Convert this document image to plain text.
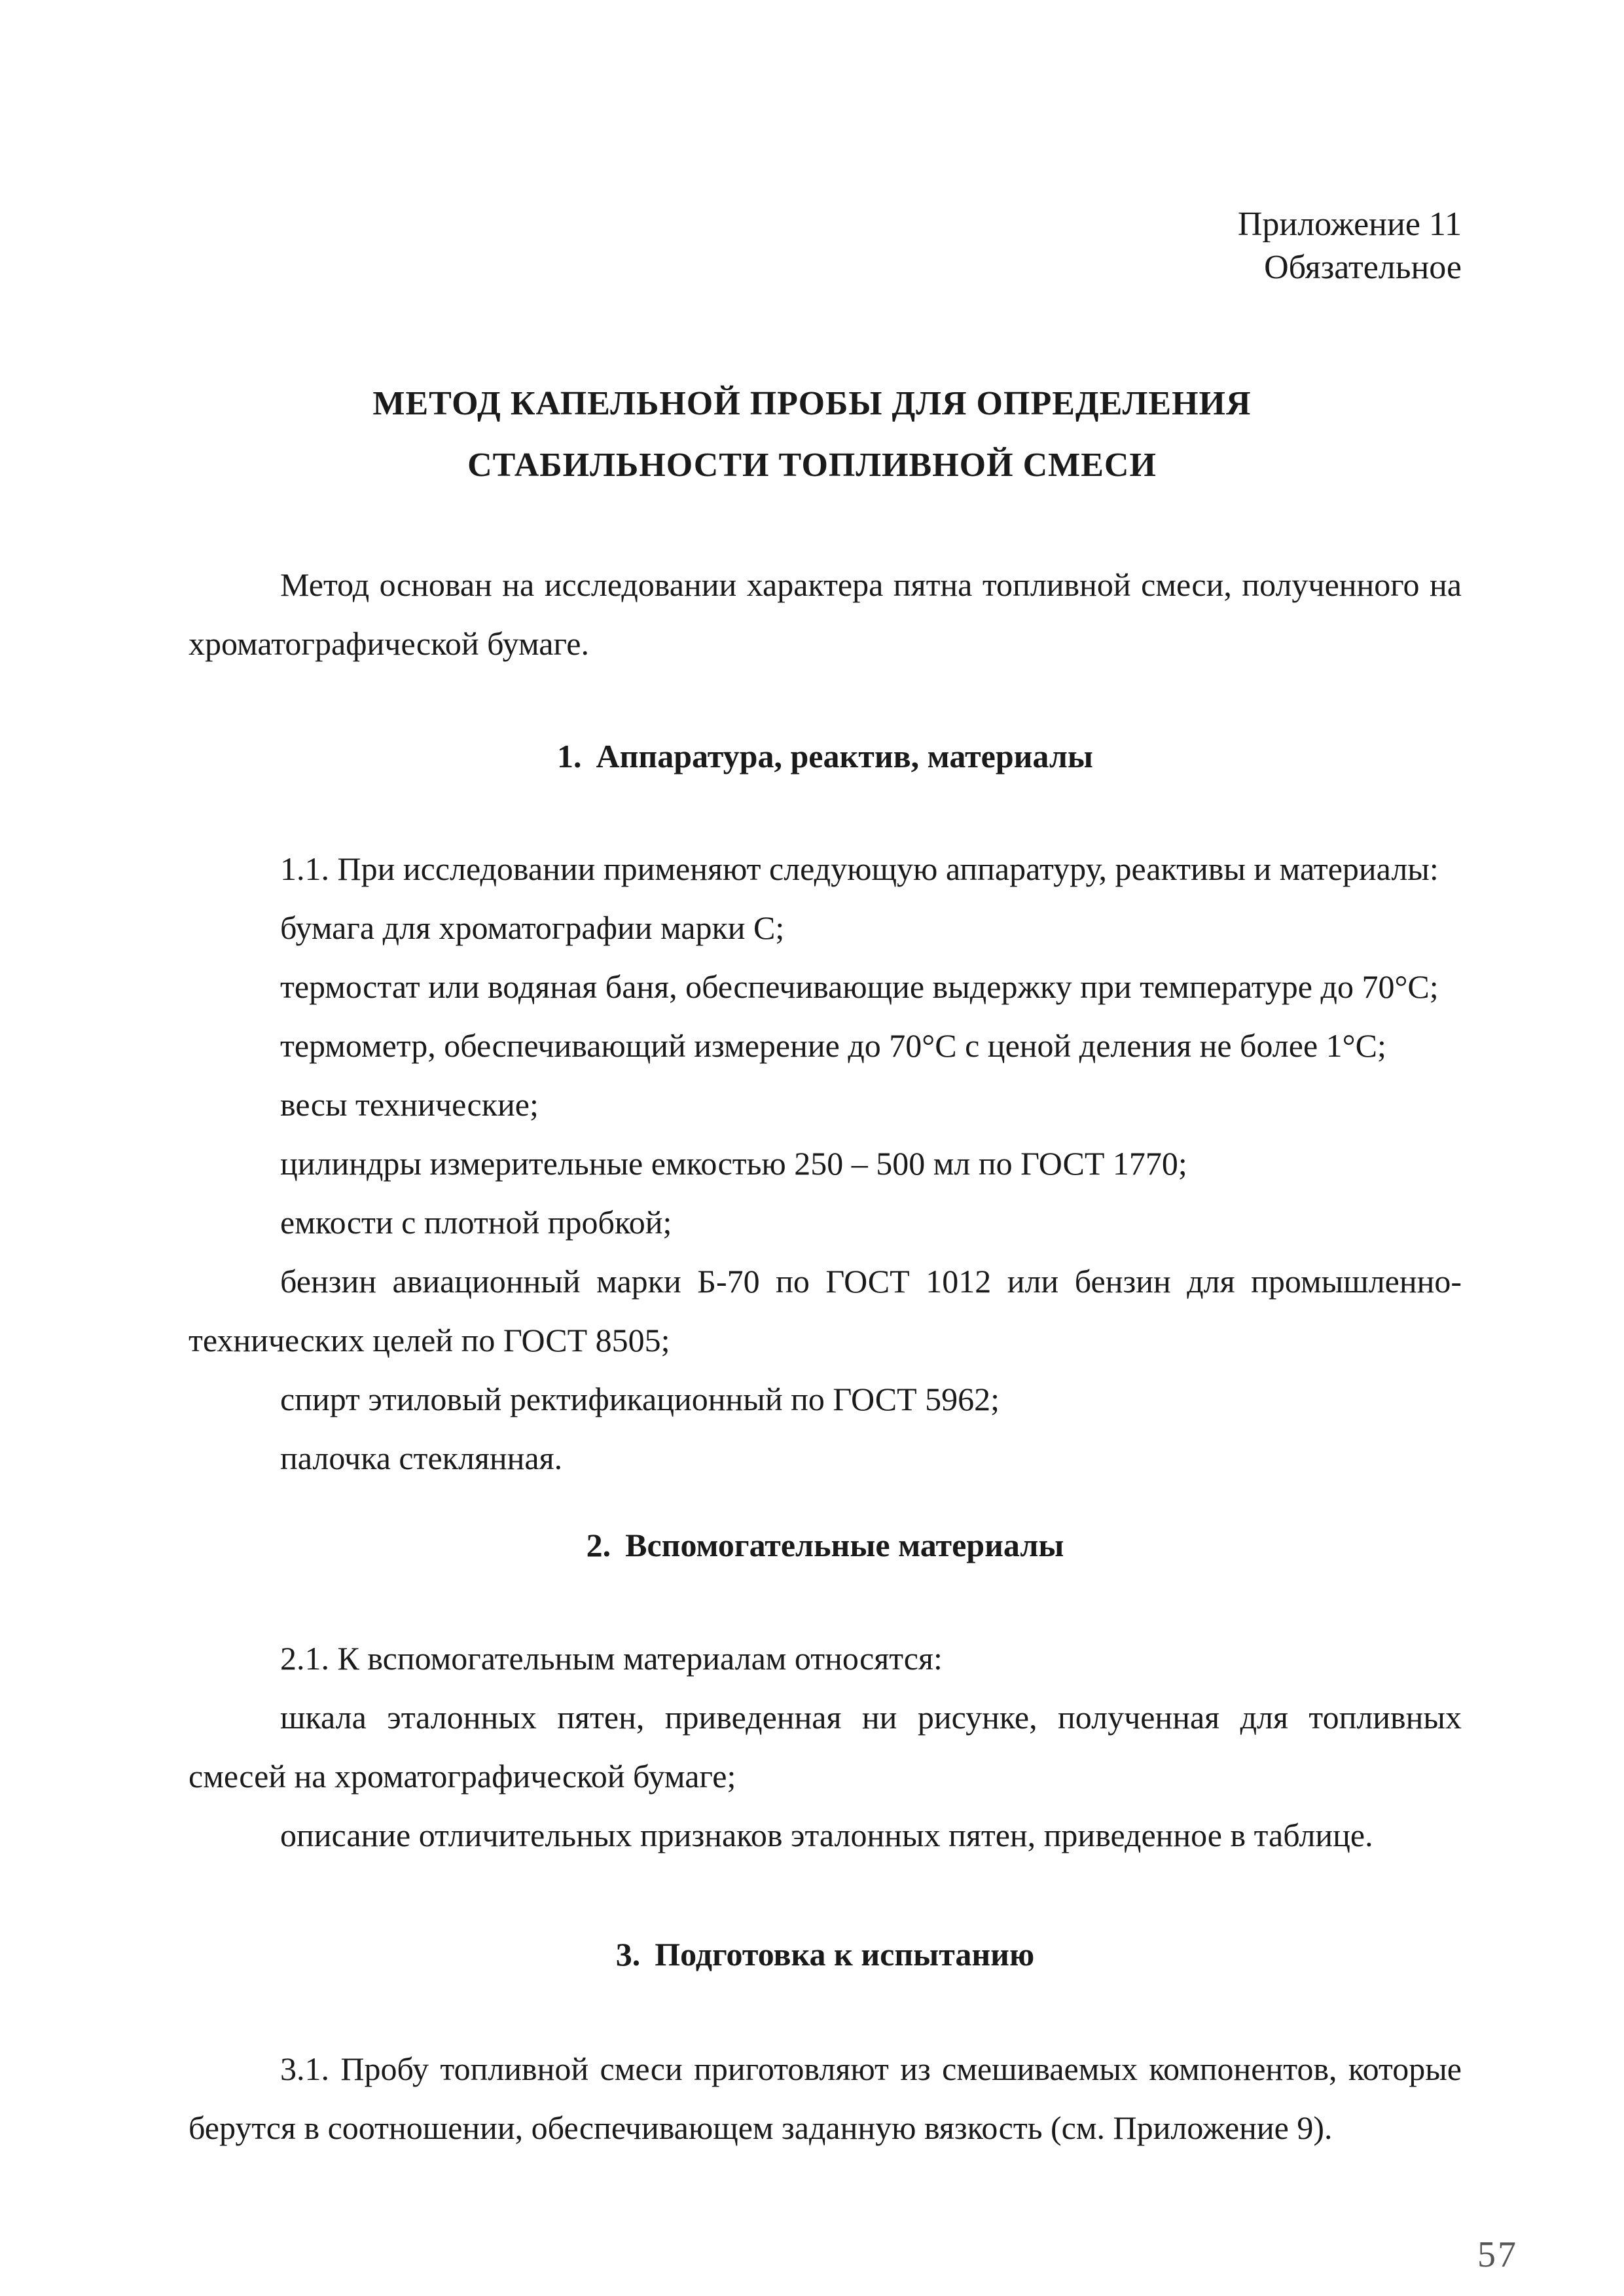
Приложение 11
Обязательное
МЕТОД КАПЕЛЬНОЙ ПРОБЫ ДЛЯ ОПРЕДЕЛЕНИЯ
СТАБИЛЬНОСТИ ТОПЛИВНОЙ СМЕСИ

Метод основан на исследовании характера пятна топливной смеси, полученного на хроматографической бумаге.

1. Аппаратура, реактив, материалы
1.1. При исследовании применяют следующую аппаратуру, реактивы и материалы:
бумага для хроматографии марки С;
термостат или водяная баня, обеспечивающие выдержку при температуре до 70°С;
термометр, обеспечивающий измерение до 70°С с ценой деления не более 1°С;
весы технические;
цилиндры измерительные емкостью 250 – 500 мл по ГОСТ 1770;
емкости с плотной пробкой;
бензин авиационный марки Б-70 по ГОСТ 1012 или бензин для промышленно-технических целей по ГОСТ 8505;
спирт этиловый ректификационный по ГОСТ 5962;
палочка стеклянная.
2. Вспомогательные материалы
2.1. К вспомогательным материалам относятся:
шкала эталонных пятен, приведенная ни рисунке, полученная для топливных смесей на хроматографической бумаге;
описание отличительных признаков эталонных пятен, приведенное в таблице.
3. Подготовка к испытанию

3.1. Пробу топливной смеси приготовляют из смешиваемых компонентов, которые берутся в соотношении, обеспечивающем заданную вязкость (см. Приложение 9).

57
